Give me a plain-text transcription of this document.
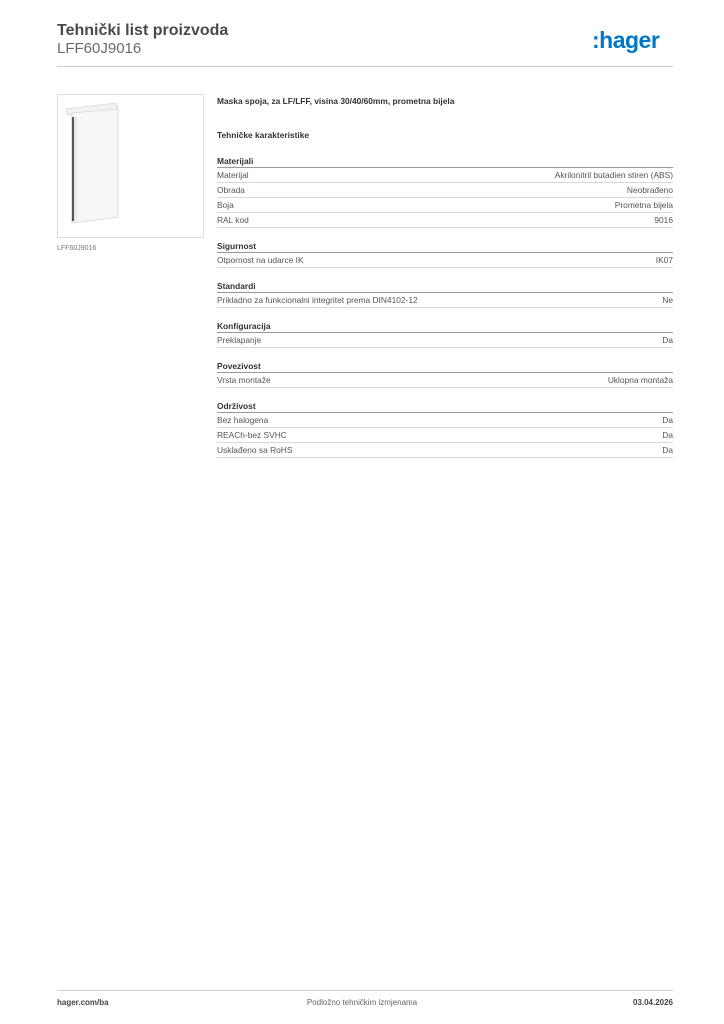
Tehnički list proizvoda
LFF60J9016	:hager
LFF60J9016
Maska spoja, za LF/LFF, visina 30/40/60mm, prometna bijela
Tehničke karakteristike
Materijali
Materijal	Akrilonitril butadien stiren (ABS)
Obrada	Neobrađeno
Boja	Prometna bijela
RAL kod	9016
Sigurnost
Otpornost na udarce IK	IK07
Standardi
Prikladno za funkcionalni integritet prema DIN4102-12	Ne
Konfiguracija
Preklapanje	Da
Povezivost
Vrsta montaže	Uklopna montaža
Održivost
Bez halogena	Da
REACh-bez SVHC	Da
Usklađeno sa RoHS	Da
Podložno tehničkim izmjenama
hager.com/ba	03.04.2026
